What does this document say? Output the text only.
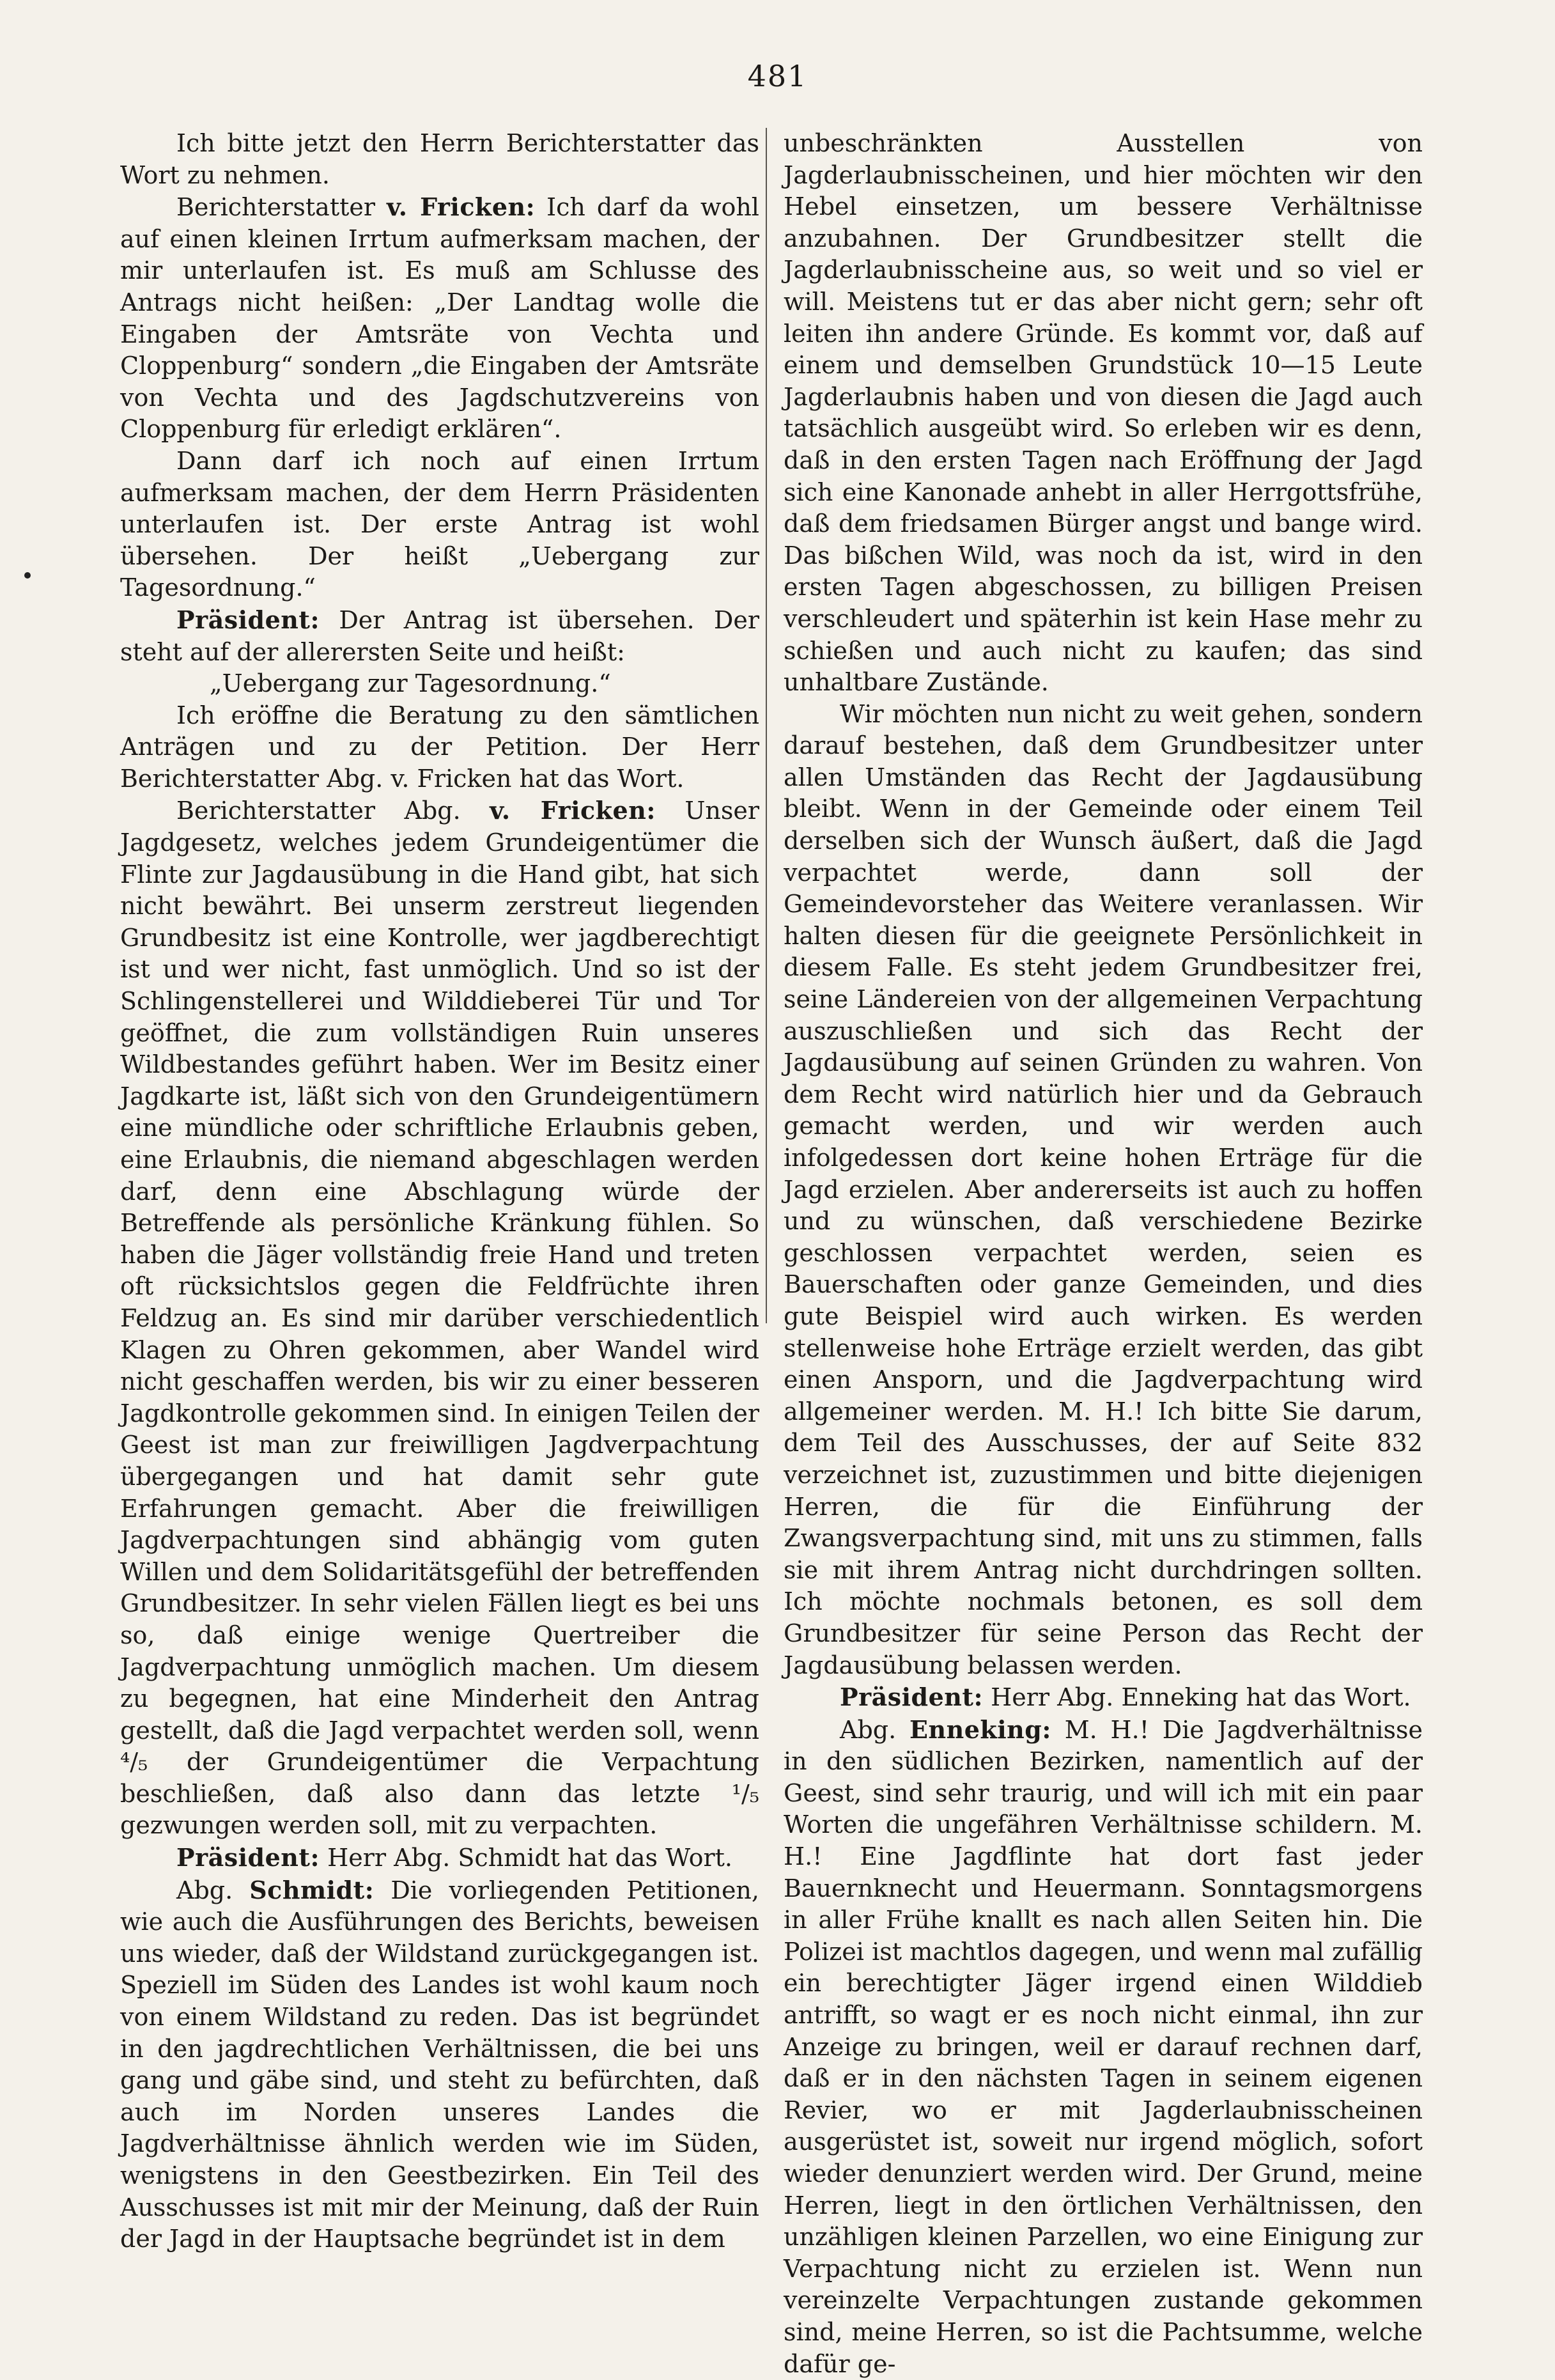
481

Ich bitte jetzt den Herrn Berichterstatter das Wort zu nehmen.

Berichterstatter v. Fricken: Ich darf da wohl auf einen kleinen Irrtum aufmerksam machen, der mir unterlaufen ist. Es muß am Schlusse des Antrags nicht heißen: „Der Landtag wolle die Eingaben der Amtsräte von Vechta und Cloppenburg“ sondern „die Eingaben der Amtsräte von Vechta und des Jagdschutzvereins von Cloppenburg für erledigt erklären“.

Dann darf ich noch auf einen Irrtum aufmerksam machen, der dem Herrn Präsidenten unterlaufen ist. Der erste Antrag ist wohl übersehen. Der heißt „Uebergang zur Tagesordnung.“

Präsident: Der Antrag ist übersehen. Der steht auf der allerersten Seite und heißt:

„Uebergang zur Tagesordnung.“

Ich eröffne die Beratung zu den sämtlichen Anträgen und zu der Petition. Der Herr Berichterstatter Abg. v. Fricken hat das Wort.

Berichterstatter Abg. v. Fricken: Unser Jagdgesetz, welches jedem Grundeigentümer die Flinte zur Jagdausübung in die Hand gibt, hat sich nicht bewährt. Bei unserm zerstreut liegenden Grundbesitz ist eine Kontrolle, wer jagdberechtigt ist und wer nicht, fast unmöglich. Und so ist der Schlingenstellerei und Wilddieberei Tür und Tor geöffnet, die zum vollständigen Ruin unseres Wildbestandes geführt haben. Wer im Besitz einer Jagdkarte ist, läßt sich von den Grundeigentümern eine mündliche oder schriftliche Erlaubnis geben, eine Erlaubnis, die niemand abgeschlagen werden darf, denn eine Abschlagung würde der Betreffende als persönliche Kränkung fühlen. So haben die Jäger vollständig freie Hand und treten oft rücksichtslos gegen die Feldfrüchte ihren Feldzug an. Es sind mir darüber verschiedentlich Klagen zu Ohren gekommen, aber Wandel wird nicht geschaffen werden, bis wir zu einer besseren Jagdkontrolle gekommen sind. In einigen Teilen der Geest ist man zur freiwilligen Jagdverpachtung übergegangen und hat damit sehr gute Erfahrungen gemacht. Aber die freiwilligen Jagdverpachtungen sind abhängig vom guten Willen und dem Solidaritätsgefühl der betreffenden Grundbesitzer. In sehr vielen Fällen liegt es bei uns so, daß einige wenige Quertreiber die Jagdverpachtung unmöglich machen. Um diesem zu begegnen, hat eine Minderheit den Antrag gestellt, daß die Jagd verpachtet werden soll, wenn ⁴/₅ der Grundeigentümer die Verpachtung beschließen, daß also dann das letzte ¹/₅ gezwungen werden soll, mit zu verpachten.

Präsident: Herr Abg. Schmidt hat das Wort.

Abg. Schmidt: Die vorliegenden Petitionen, wie auch die Ausführungen des Berichts, beweisen uns wieder, daß der Wildstand zurückgegangen ist. Speziell im Süden des Landes ist wohl kaum noch von einem Wildstand zu reden. Das ist begründet in den jagdrechtlichen Verhältnissen, die bei uns gang und gäbe sind, und steht zu befürchten, daß auch im Norden unseres Landes die Jagdverhältnisse ähnlich werden wie im Süden, wenigstens in den Geestbezirken. Ein Teil des Ausschusses ist mit mir der Meinung, daß der Ruin der Jagd in der Hauptsache begründet ist in dem

unbeschränkten Ausstellen von Jagderlaubnisscheinen, und hier möchten wir den Hebel einsetzen, um bessere Verhältnisse anzubahnen. Der Grundbesitzer stellt die Jagderlaubnisscheine aus, so weit und so viel er will. Meistens tut er das aber nicht gern; sehr oft leiten ihn andere Gründe. Es kommt vor, daß auf einem und demselben Grundstück 10—15 Leute Jagderlaubnis haben und von diesen die Jagd auch tatsächlich ausgeübt wird. So erleben wir es denn, daß in den ersten Tagen nach Eröffnung der Jagd sich eine Kanonade anhebt in aller Herrgottsfrühe, daß dem friedsamen Bürger angst und bange wird. Das bißchen Wild, was noch da ist, wird in den ersten Tagen abgeschossen, zu billigen Preisen verschleudert und späterhin ist kein Hase mehr zu schießen und auch nicht zu kaufen; das sind unhaltbare Zustände.

Wir möchten nun nicht zu weit gehen, sondern darauf bestehen, daß dem Grundbesitzer unter allen Umständen das Recht der Jagdausübung bleibt. Wenn in der Gemeinde oder einem Teil derselben sich der Wunsch äußert, daß die Jagd verpachtet werde, dann soll der Gemeindevorsteher das Weitere veranlassen. Wir halten diesen für die geeignete Persönlichkeit in diesem Falle. Es steht jedem Grundbesitzer frei, seine Ländereien von der allgemeinen Verpachtung auszuschließen und sich das Recht der Jagdausübung auf seinen Gründen zu wahren. Von dem Recht wird natürlich hier und da Gebrauch gemacht werden, und wir werden auch infolgedessen dort keine hohen Erträge für die Jagd erzielen. Aber andererseits ist auch zu hoffen und zu wünschen, daß verschiedene Bezirke geschlossen verpachtet werden, seien es Bauerschaften oder ganze Gemeinden, und dies gute Beispiel wird auch wirken. Es werden stellenweise hohe Erträge erzielt werden, das gibt einen Ansporn, und die Jagdverpachtung wird allgemeiner werden. M. H.! Ich bitte Sie darum, dem Teil des Ausschusses, der auf Seite 832 verzeichnet ist, zuzustimmen und bitte diejenigen Herren, die für die Einführung der Zwangsverpachtung sind, mit uns zu stimmen, falls sie mit ihrem Antrag nicht durchdringen sollten. Ich möchte nochmals betonen, es soll dem Grundbesitzer für seine Person das Recht der Jagdausübung belassen werden.

Präsident: Herr Abg. Enneking hat das Wort.

Abg. Enneking: M. H.! Die Jagdverhältnisse in den südlichen Bezirken, namentlich auf der Geest, sind sehr traurig, und will ich mit ein paar Worten die ungefähren Verhältnisse schildern. M. H.! Eine Jagdflinte hat dort fast jeder Bauernknecht und Heuermann. Sonntagsmorgens in aller Frühe knallt es nach allen Seiten hin. Die Polizei ist machtlos dagegen, und wenn mal zufällig ein berechtigter Jäger irgend einen Wilddieb antrifft, so wagt er es noch nicht einmal, ihn zur Anzeige zu bringen, weil er darauf rechnen darf, daß er in den nächsten Tagen in seinem eigenen Revier, wo er mit Jagderlaubnisscheinen ausgerüstet ist, soweit nur irgend möglich, sofort wieder denunziert werden wird. Der Grund, meine Herren, liegt in den örtlichen Verhältnissen, den unzähligen kleinen Parzellen, wo eine Einigung zur Verpachtung nicht zu erzielen ist. Wenn nun vereinzelte Verpachtungen zustande gekommen sind, meine Herren, so ist die Pachtsumme, welche dafür ge-
